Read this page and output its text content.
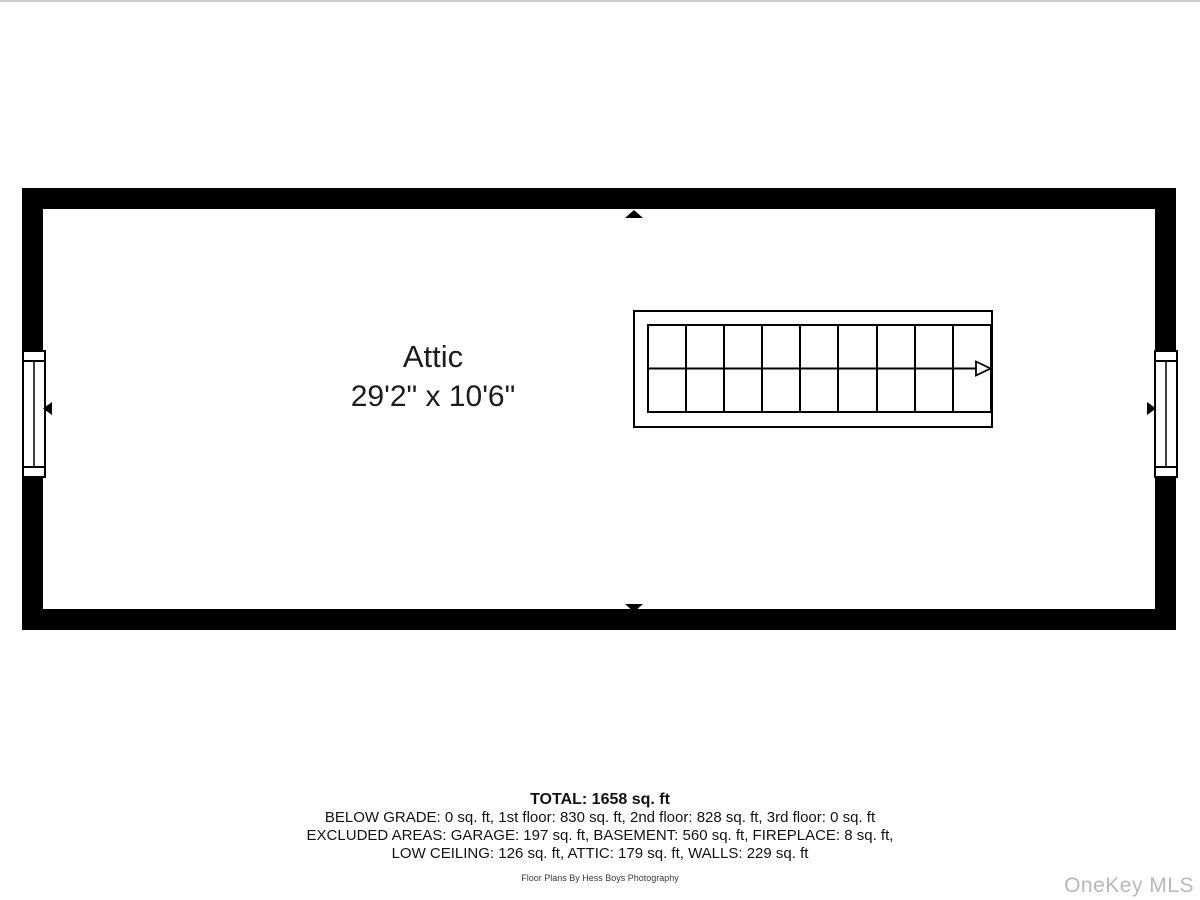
Attic
29'2" x 10'6"
TOTAL: 1658 sq. ft
BELOW GRADE: 0 sq. ft, 1st floor: 830 sq. ft, 2nd floor: 828 sq. ft, 3rd floor: 0 sq. ft
EXCLUDED AREAS: GARAGE: 197 sq. ft, BASEMENT: 560 sq. ft, FIREPLACE: 8 sq. ft,
LOW CEILING: 126 sq. ft, ATTIC: 179 sq. ft, WALLS: 229 sq. ft
Floor Plans By Hess Boys Photography	OneKey MLS
